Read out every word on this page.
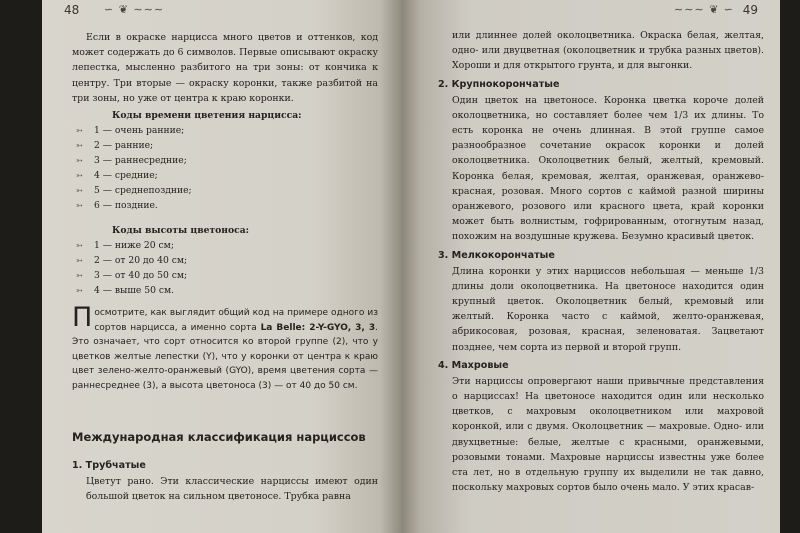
48 ∽ ❦ ∼∼∼

Если в окраске нарцисса много цветов и оттенков, код может содержать до 6 символов. Первые описывают окраску лепестка, мысленно разбитого на три зоны: от кончика к центру. Три вторые — окраску коронки, также разбитой на три зоны, но уже от центра к краю коронки.

Коды времени цветения нарцисса:

➳ 1 — очень ранние;

➳ 2 — ранние;

➳ 3 — раннесредние;

➳ 4 — средние;

➳ 5 — среднепоздние;

➳ 6 — поздние.

Коды высоты цветоноса:

➳ 1 — ниже 20 см;

➳ 2 — от 20 до 40 см;

➳ 3 — от 40 до 50 см;

➳ 4 — выше 50 см.

Посмотрите, как выглядит общий код на примере одного из сортов нарцисса, а именно сорта La Belle: 2-Y-GYO, 3, 3. Это означает, что сорт относится ко второй группе (2), что у цветков желтые лепестки (Y), что у коронки от центра к краю цвет зелено-желто-оранжевый (GYO), время цветения сорта — раннесреднее (3), а высота цветоноса (3) — от 40 до 50 см.

Международная классификация нарциссов

1. Трубчатые

Цветут рано. Эти классические нарциссы имеют один большой цветок на сильном цветоносе. Трубка равна

49
∼∼∼ ❦ ∽

или длиннее долей околоцветника. Окраска белая, желтая, одно- или двуцветная (околоцветник и трубка разных цветов). Хороши и для открытого грунта, и для выгонки.

2. Крупнокорончатые

Один цветок на цветоносе. Коронка цветка короче долей околоцветника, но составляет более чем 1/3 их длины. То есть коронка не очень длинная. В этой группе самое разнообразное сочетание окрасок коронки и долей околоцветника. Околоцветник белый, желтый, кремовый. Коронка белая, кремовая, желтая, оранжевая, оранжево-красная, розовая. Много сортов с каймой разной ширины оранжевого, розового или красного цвета, край коронки может быть волнистым, гофрированным, отогнутым назад, похожим на воздушные кружева. Безумно красивый цветок.

3. Мелкокорончатые

Длина коронки у этих нарциссов небольшая — меньше 1/3 длины доли околоцветника. На цветоносе находится один крупный цветок. Околоцветник белый, кремовый или желтый. Коронка часто с каймой, желто-оранжевая, абрикосовая, розовая, красная, зеленоватая. Зацветают позднее, чем сорта из первой и второй групп.

4. Махровые

Эти нарциссы опровергают наши привычные представления о нарциссах! На цветоносе находится один или несколько цветков, с махровым околоцветником или махровой коронкой, или с двумя. Околоцветник — махровые. Одно- или двухцветные: белые, желтые с красными, оранжевыми, розовыми тонами. Махровые нарциссы известны уже более ста лет, но в отдельную группу их выделили не так давно, поскольку махровых сортов было очень мало. У этих красав-
